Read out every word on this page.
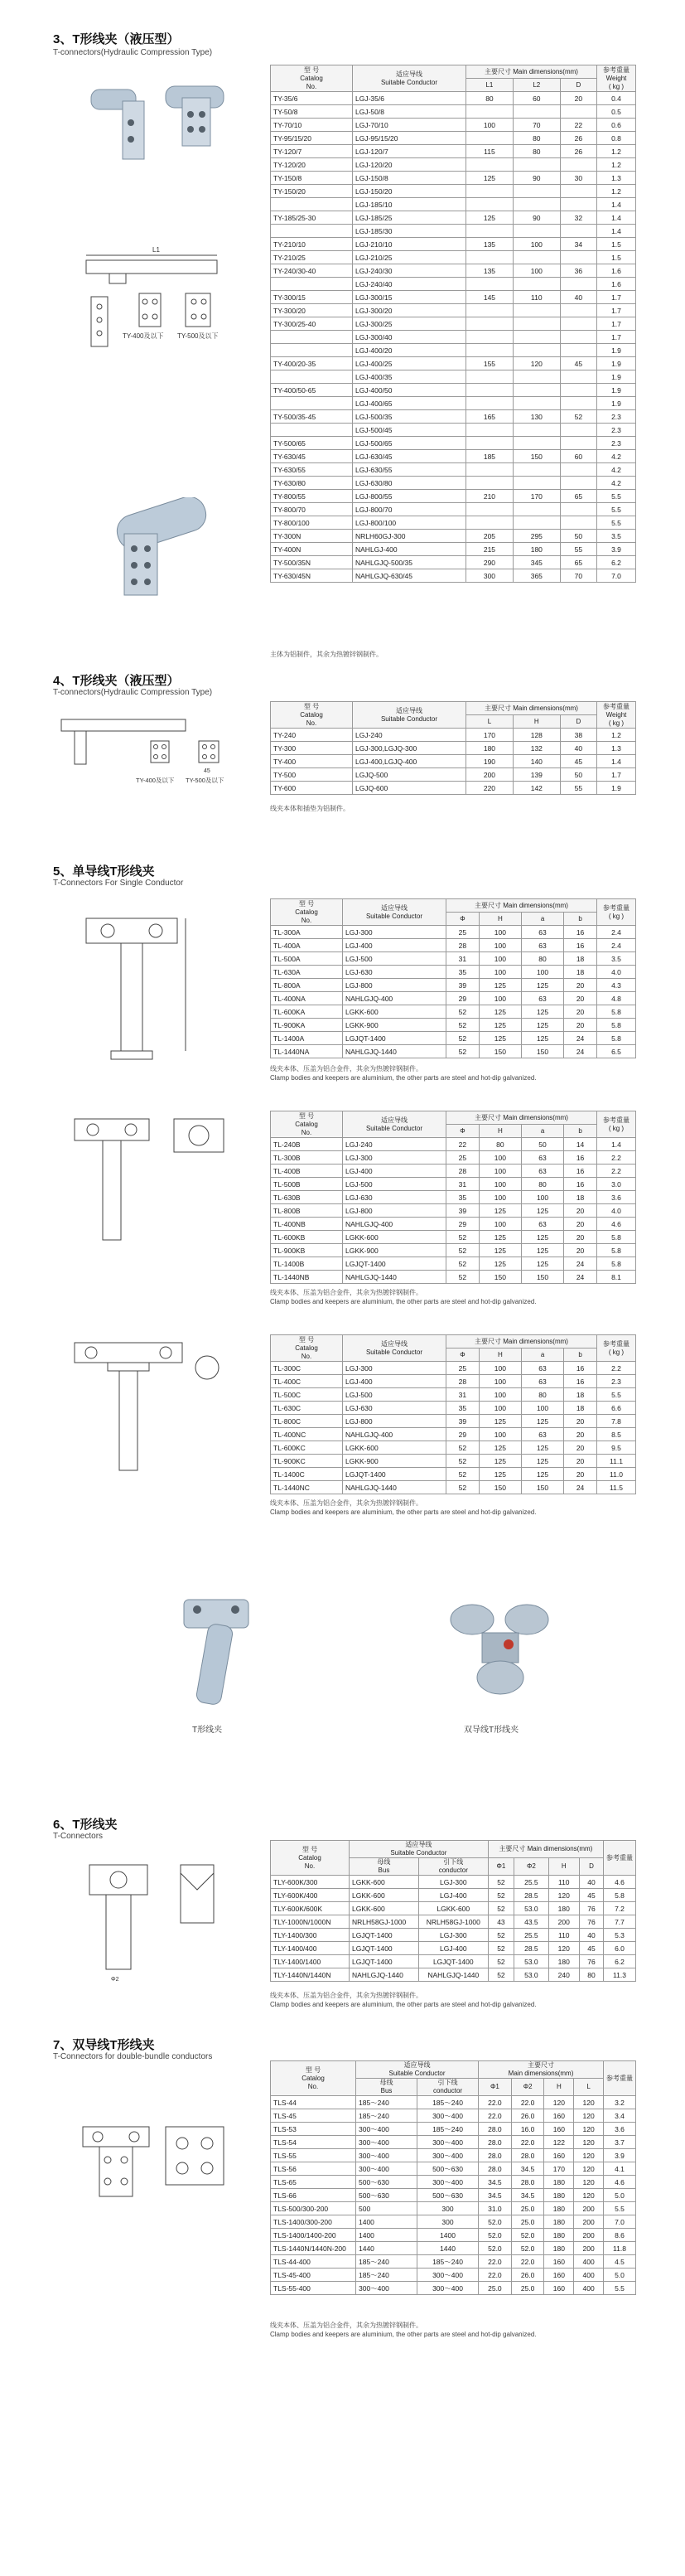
3、T形线夹（液压型）
T-connectors(Hydraulic Compression Type)
L1
TY-400及以下 TY-500及以下
型 号
Catalog
No.	适应导线
Suitable Conductor	主要尺寸 Main dimensions(mm)			参考重量
Weight
( kg )
		L1	L2	D	
TY-35/6	LGJ-35/6	80	60	20	0.4
TY-50/8	LGJ-50/8				0.5
TY-70/10	LGJ-70/10	100	70	22	0.6
TY-95/15/20	LGJ-95/15/20		80	26	0.8
TY-120/7	LGJ-120/7	115	80	26	1.2
TY-120/20	LGJ-120/20				1.2
TY-150/8	LGJ-150/8	125	90	30	1.3
TY-150/20	LGJ-150/20				1.2
	LGJ-185/10				1.4
TY-185/25-30	LGJ-185/25	125	90	32	1.4
	LGJ-185/30				1.4
TY-210/10	LGJ-210/10	135	100	34	1.5
TY-210/25	LGJ-210/25				1.5
TY-240/30-40	LGJ-240/30	135	100	36	1.6
	LGJ-240/40				1.6
TY-300/15	LGJ-300/15	145	110	40	1.7
TY-300/20	LGJ-300/20				1.7
TY-300/25-40	LGJ-300/25				1.7
	LGJ-300/40				1.7
	LGJ-400/20				1.9
TY-400/20-35	LGJ-400/25	155	120	45	1.9
	LGJ-400/35				1.9
TY-400/50-65	LGJ-400/50				1.9
	LGJ-400/65				1.9
TY-500/35-45	LGJ-500/35	165	130	52	2.3
	LGJ-500/45				2.3
TY-500/65	LGJ-500/65				2.3
TY-630/45	LGJ-630/45	185	150	60	4.2
TY-630/55	LGJ-630/55				4.2
TY-630/80	LGJ-630/80				4.2
TY-800/55	LGJ-800/55	210	170	65	5.5
TY-800/70	LGJ-800/70				5.5
TY-800/100	LGJ-800/100				5.5
TY-300N	NRLH60GJ-300	205	295	50	3.5
TY-400N	NAHLGJ-400	215	180	55	3.9
TY-500/35N	NAHLGJQ-500/35	290	345	65	6.2
TY-630/45N	NAHLGJQ-630/45	300	365	70	7.0
主体为铝制件，其余为热镀锌钢制件。
4、T形线夹（液压型）
T-connectors(Hydraulic Compression Type)
45
TY-400及以下 TY-500及以下
型 号
Catalog
No.	适应导线
Suitable Conductor	主要尺寸 Main dimensions(mm)			参考重量
Weight
( kg )
		L	H	D	
TY-240	LGJ-240	170	128	38	1.2
TY-300	LGJ-300,LGJQ-300	180	132	40	1.3
TY-400	LGJ-400,LGJQ-400	190	140	45	1.4
TY-500	LGJQ-500	200	139	50	1.7
TY-600	LGJQ-600	220	142	55	1.9
线夹本体和插垫为铝制件。
5、单导线T形线夹
T-Connectors For Single Conductor
型 号
Catalog
No.	适应导线
Suitable Conductor	主要尺寸 Main dimensions(mm)				参考重量
( kg )
		Φ	H	a	b	
TL-300A	LGJ-300	25	100	63	16	2.4
TL-400A	LGJ-400	28	100	63	16	2.4
TL-500A	LGJ-500	31	100	80	18	3.5
TL-630A	LGJ-630	35	100	100	18	4.0
TL-800A	LGJ-800	39	125	125	20	4.3
TL-400NA	NAHLGJQ-400	29	100	63	20	4.8
TL-600KA	LGKK-600	52	125	125	20	5.8
TL-900KA	LGKK-900	52	125	125	20	5.8
TL-1400A	LGJQT-1400	52	125	125	24	5.8
TL-1440NA	NAHLGJQ-1440	52	150	150	24	6.5
线夹本体、压盖为铝合金件，其余为热镀锌钢制件。
Clamp bodies and keepers are aluminium, the other parts are steel and hot-dip galvanized.
型 号
Catalog
No.	适应导线
Suitable Conductor	主要尺寸 Main dimensions(mm)				参考重量
( kg )
		Φ	H	a	b	
TL-240B	LGJ-240	22	80	50	14	1.4
TL-300B	LGJ-300	25	100	63	16	2.2
TL-400B	LGJ-400	28	100	63	16	2.2
TL-500B	LGJ-500	31	100	80	16	3.0
TL-630B	LGJ-630	35	100	100	18	3.6
TL-800B	LGJ-800	39	125	125	20	4.0
TL-400NB	NAHLGJQ-400	29	100	63	20	4.6
TL-600KB	LGKK-600	52	125	125	20	5.8
TL-900KB	LGKK-900	52	125	125	20	5.8
TL-1400B	LGJQT-1400	52	125	125	24	5.8
TL-1440NB	NAHLGJQ-1440	52	150	150	24	8.1
线夹本体、压盖为铝合金件，其余为热镀锌钢制件。
Clamp bodies and keepers are aluminium, the other parts are steel and hot-dip galvanized.
型 号
Catalog
No.	适应导线
Suitable Conductor	主要尺寸 Main dimensions(mm)				参考重量
( kg )
		Φ	H	a	b	
TL-300C	LGJ-300	25	100	63	16	2.2
TL-400C	LGJ-400	28	100	63	16	2.3
TL-500C	LGJ-500	31	100	80	18	5.5
TL-630C	LGJ-630	35	100	100	18	6.6
TL-800C	LGJ-800	39	125	125	20	7.8
TL-400NC	NAHLGJQ-400	29	100	63	20	8.5
TL-600KC	LGKK-600	52	125	125	20	9.5
TL-900KC	LGKK-900	52	125	125	20	11.1
TL-1400C	LGJQT-1400	52	125	125	20	11.0
TL-1440NC	NAHLGJQ-1440	52	150	150	24	11.5
线夹本体、压盖为铝合金件，其余为热镀锌钢制件。
Clamp bodies and keepers are aluminium, the other parts are steel and hot-dip galvanized.
T形线夹	双导线T形线夹
6、T形线夹
T-Connectors
Φ2
型 号
Catalog
No.	适应导线
Suitable Conductor		主要尺寸 Main dimensions(mm)				参考重量
	母线
Bus	引下线
conductor	Φ1	Φ2	H	D	

TLY-600K/300	LGKK-600	LGJ-300	52	25.5	110	40	4.6
TLY-600K/400	LGKK-600	LGJ-400	52	28.5	120	45	5.8
TLY-600K/600K	LGKK-600	LGKK-600	52	53.0	180	76	7.2
TLY-1000N/1000N	NRLH58GJ-1000	NRLH58GJ-1000	43	43.5	200	76	7.7
TLY-1400/300	LGJQT-1400	LGJ-300	52	25.5	110	40	5.3
TLY-1400/400	LGJQT-1400	LGJ-400	52	28.5	120	45	6.0
TLY-1400/1400	LGJQT-1400	LGJQT-1400	52	53.0	180	76	6.2
TLY-1440N/1440N	NAHLGJQ-1440	NAHLGJQ-1440	52	53.0	240	80	11.3
线夹本体、压盖为铝合金件，其余为热镀锌钢制件。
Clamp bodies and keepers are aluminium, the other parts are steel and hot-dip galvanized.
7、双导线T形线夹
T-Connectors for double-bundle conductors
型 号
Catalog
No.	适应导线
Suitable Conductor		主要尺寸
Main dimensions(mm)				参考重量
	母线
Bus	引下线
conductor	Φ1	Φ2	H	L	

TLS-44	185～240	185～240	22.0	22.0	120	120	3.2
TLS-45	185～240	300～400	22.0	26.0	160	120	3.4
TLS-53	300～400	185～240	28.0	16.0	160	120	3.6
TLS-54	300～400	300～400	28.0	22.0	122	120	3.7
TLS-55	300～400	300～400	28.0	28.0	160	120	3.9
TLS-56	300～400	500～630	28.0	34.5	170	120	4.1
TLS-65	500～630	300～400	34.5	28.0	180	120	4.6
TLS-66	500～630	500～630	34.5	34.5	180	120	5.0
TLS-500/300-200	500	300	31.0	25.0	180	200	5.5
TLS-1400/300-200	1400	300	52.0	25.0	180	200	7.0
TLS-1400/1400-200	1400	1400	52.0	52.0	180	200	8.6
TLS-1440N/1440N-200	1440	1440	52.0	52.0	180	200	11.8
TLS-44-400	185～240	185～240	22.0	22.0	160	400	4.5
TLS-45-400	185～240	300～400	22.0	26.0	160	400	5.0
TLS-55-400	300～400	300～400	25.0	25.0	160	400	5.5
线夹本体、压盖为铝合金件，其余为热镀锌钢制件。
Clamp bodies and keepers are aluminium, the other parts are steel and hot-dip galvanized.
